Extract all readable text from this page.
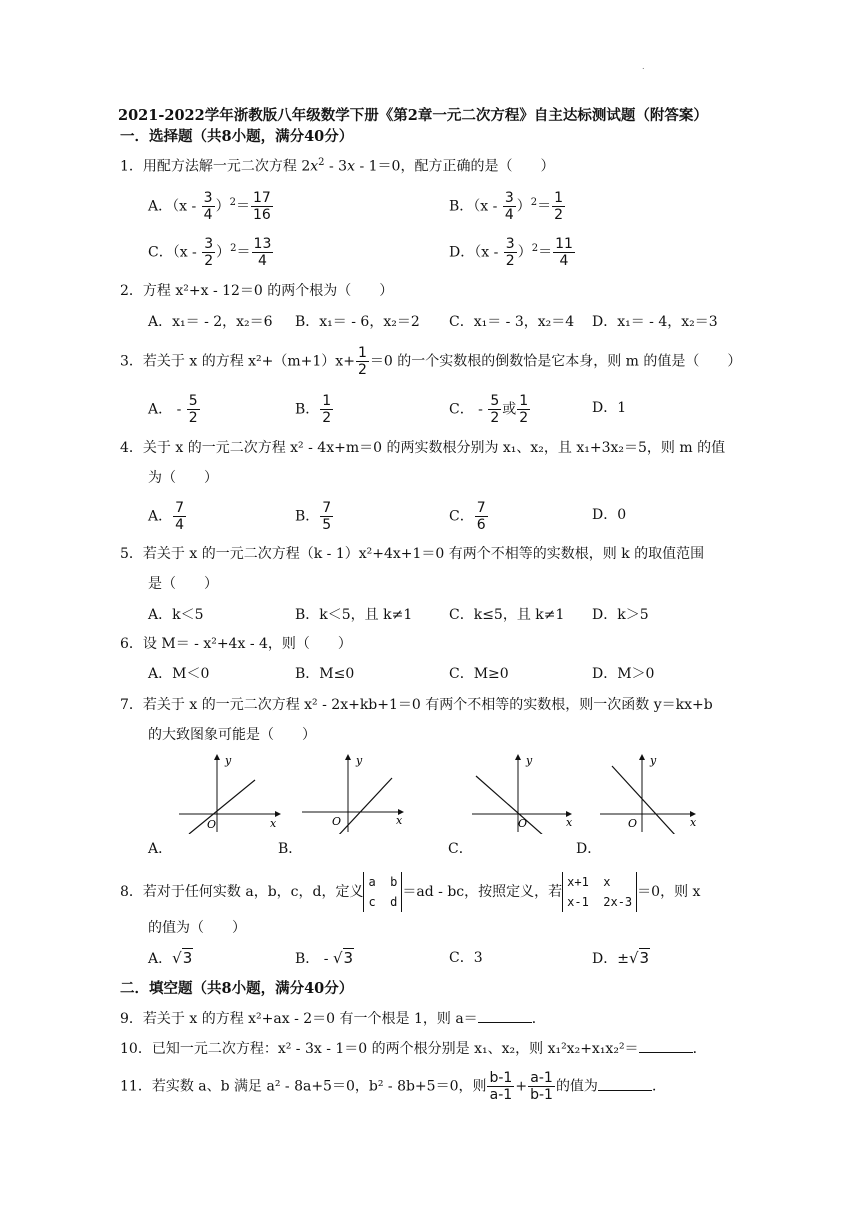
.
2021-2022学年浙教版八年级数学下册《第2章一元二次方程》自主达标测试题（附答案）
一．选择题（共8小题，满分40分）
1．用配方法解一元二次方程 $2x^2 - 3x - 1=0$，配方正确的是（　　）
A．$(x - \frac{3}{4} )^2= \frac{17}{16}$	B．$(x - \frac{3}{4} )^2= \frac{1}{2}$
C．$(x - \frac{3}{2} )^2= \frac{13}{4}$	D．$(x - \frac{3}{2} )^2= \frac{11}{4}$
2．方程 x²+x - 12＝0 的两个根为（　　）
A．x₁＝ - 2，x₂＝6 B．x₁＝ - 6，x₂＝2 C．x₁＝ - 3，x₂＝4 D．x₁＝ - 4，x₂＝3
3．若关于 x 的方程 $x^2+(m+1)x+ \frac{1}{2} =0$ 的一个实数根的倒数恰是它本身，则 m 的值是（　　）
A． - $\frac{5}{2}$	B． $\frac{1}{2}$	C． - $\frac{5}{2}$ 或 $\frac{1}{2}$	D．1
4．关于 x 的一元二次方程 x² - 4x+m＝0 的两实数根分别为 x₁、x₂，且 x₁+3x₂＝5，则 m 的值
为（　　）
A． $\frac{7}{4}$	B． $\frac{7}{5}$	C． $\frac{7}{6}$	D．0
5．若关于 x 的一元二次方程（k - 1）x²+4x+1＝0 有两个不相等的实数根，则 k 的取值范围
是（　　）
A．k＜5	B．k＜5，且 k≠1	C．k≤5，且 k≠1 D．k＞5
6．设 M＝ - x²+4x - 4，则（　　）
A．M＜0	B．M≤0	C．M≥0	D．M＞0
7．若关于 x 的一元二次方程 x² - 2x+kb+1＝0 有两个不相等的实数根，则一次函数 y＝kx+b
的大致图象可能是（　　）
y
x
O
y
x
O
y
x
O
y
x
O
A．	B．	C．	D．
8．若对于任何实数 a，b，c，d，定义
a  b
c  d
＝ad - bc，按照定义，若
x+1  x
x-1  2x-3
＝0，则 x
的值为（　　）
A．√3	B． - √3	C．3	D．±√3
二．填空题（共8小题，满分40分）
9．若关于 x 的方程 x²+ax - 2＝0 有一个根是 1，则 a＝	．
10．已知一元二次方程：x² - 3x - 1＝0 的两个根分别是 x₁、x₂，则 x₁²x₂+x₁x₂²＝	．
11．若实数 a、b 满足 a² - 8a+5＝0，b² - 8b+5＝0，则 $\frac{b-1}{a-1} + \frac{a-1}{b-1}$ 的值为	．
